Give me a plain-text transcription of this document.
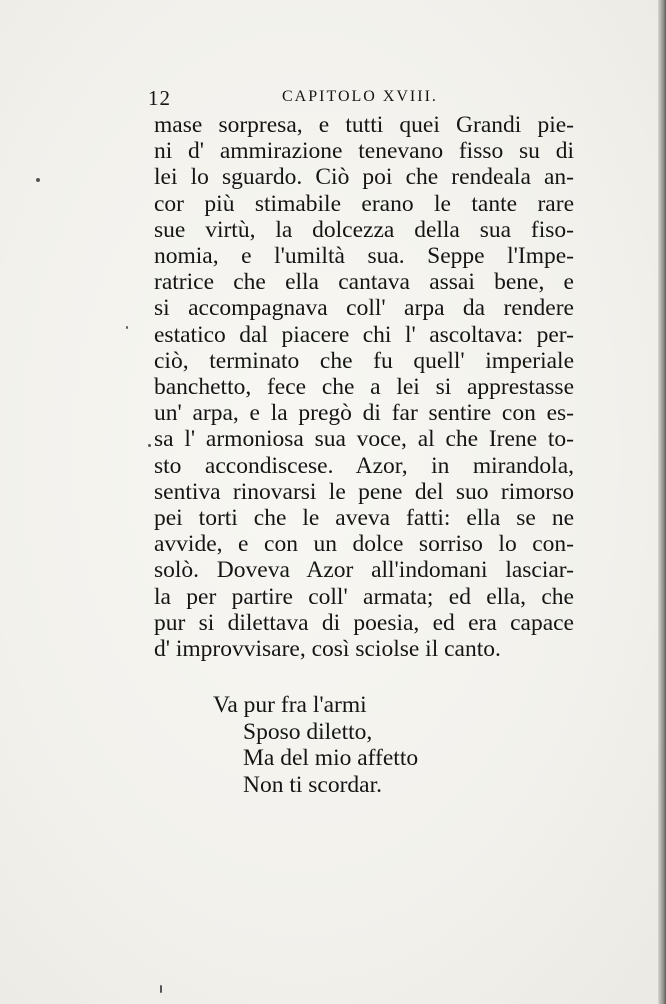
12	CAPITOLO XVIII.
mase sorpresa, e tutti quei Grandi pie-
ni d' ammirazione tenevano fisso su di
lei lo sguardo. Ciò poi che rendeala an-
cor più stimabile erano le tante rare
sue virtù, la dolcezza della sua fiso-
nomia, e l'umiltà sua. Seppe l'Impe-
ratrice che ella cantava assai bene, e
si accompagnava coll' arpa da rendere
estatico dal piacere chi l' ascoltava: per-
ciò, terminato che fu quell' imperiale
banchetto, fece che a lei si apprestasse
un' arpa, e la pregò di far sentire con es-
sa l' armoniosa sua voce, al che Irene to-
sto accondiscese. Azor, in mirandola,
sentiva rinovarsi le pene del suo rimorso
pei torti che le aveva fatti: ella se ne
avvide, e con un dolce sorriso lo con-
solò. Doveva Azor all'indomani lasciar-
la per partire coll' armata; ed ella, che
pur si dilettava di poesia, ed era capace
d' improvvisare, così sciolse il canto.
Va pur fra l'armi
Sposo diletto,
Ma del mio affetto
Non ti scordar.
